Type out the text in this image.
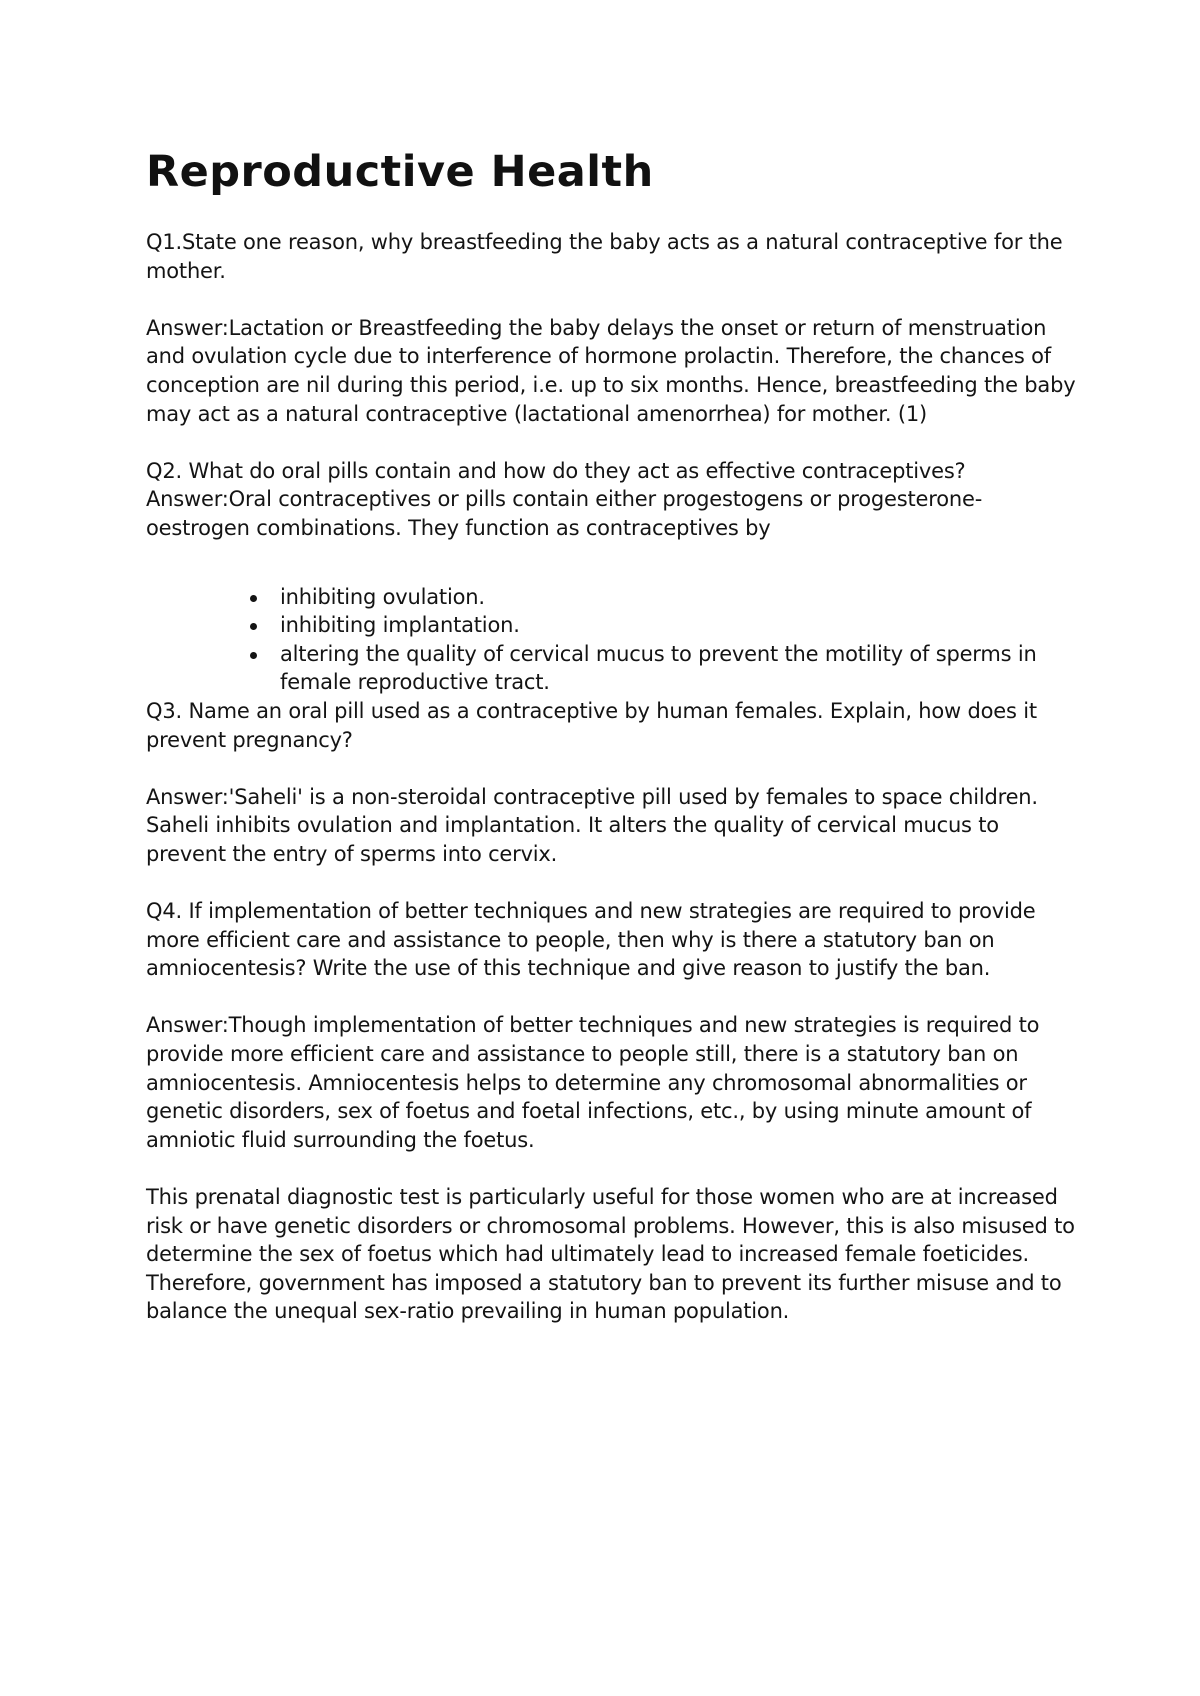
Reproductive Health

Q1.State one reason, why breastfeeding the baby acts as a natural contraceptive for the mother.

Answer:Lactation or Breastfeeding the baby delays the onset or return of menstruation and ovulation cycle due to interference of hormone prolactin. Therefore, the chances of conception are nil during this period, i.e. up to six months. Hence, breastfeeding the baby may act as a natural contraceptive (lactational amenorrhea) for mother. (1)

Q2. What do oral pills contain and how do they act as effective contraceptives?

Answer:Oral contraceptives or pills contain either progestogens or progesterone-oestrogen combinations. They function as contraceptives by

inhibiting ovulation.
inhibiting implantation.
altering the quality of cervical mucus to prevent the motility of sperms in female reproductive tract.

Q3. Name an oral pill used as a contraceptive by human females. Explain, how does it prevent pregnancy?

Answer:'Saheli' is a non-steroidal contraceptive pill used by females to space children.

Saheli inhibits ovulation and implantation. It alters the quality of cervical mucus to prevent the entry of sperms into cervix.

Q4. If implementation of better techniques and new strategies are required to provide more efficient care and assistance to people, then why is there a statutory ban on amniocentesis? Write the use of this technique and give reason to justify the ban.

Answer:Though implementation of better techniques and new strategies is required to provide more efficient care and assistance to people still, there is a statutory ban on amniocentesis. Amniocentesis helps to determine any chromosomal abnormalities or genetic disorders, sex of foetus and foetal infections, etc., by using minute amount of amniotic fluid surrounding the foetus.

This prenatal diagnostic test is particularly useful for those women who are at increased risk or have genetic disorders or chromosomal problems. However, this is also misused to determine the sex of foetus which had ultimately lead to increased female foeticides. Therefore, government has imposed a statutory ban to prevent its further misuse and to balance the unequal sex-ratio prevailing in human population.
